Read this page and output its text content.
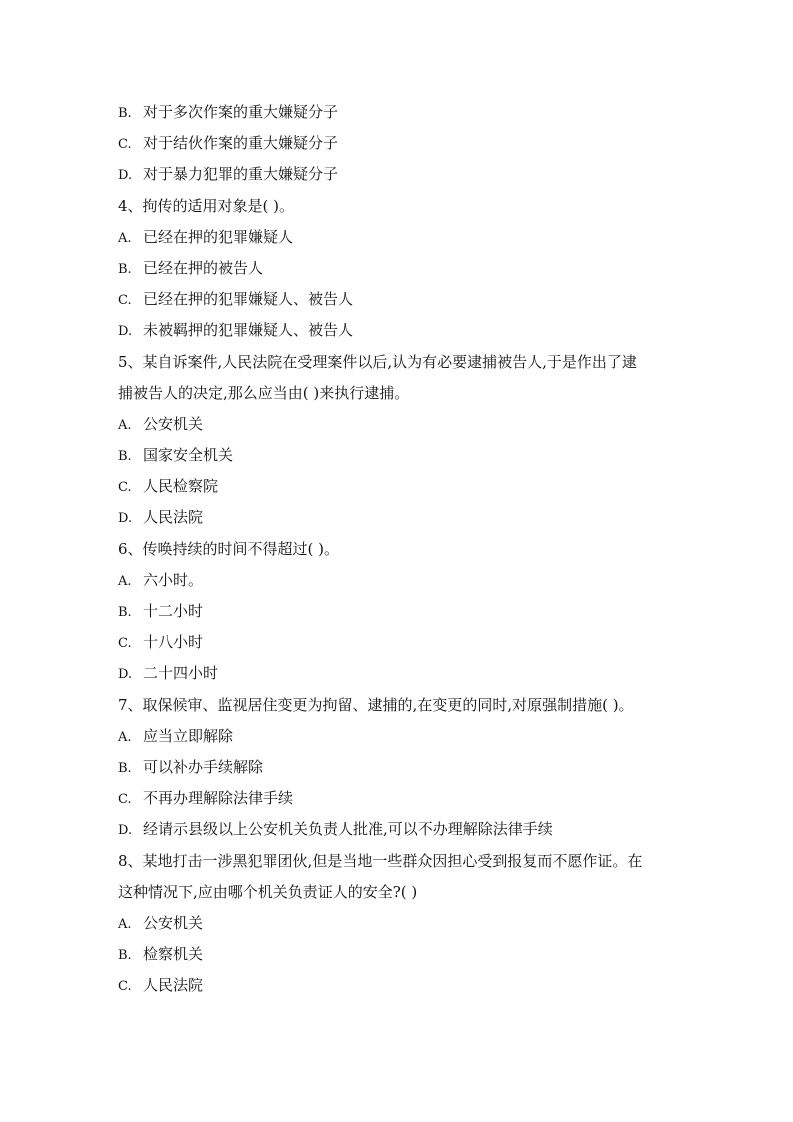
B. 对于多次作案的重大嫌疑分子
C. 对于结伙作案的重大嫌疑分子
D. 对于暴力犯罪的重大嫌疑分子
4、拘传的适用对象是( )。
A. 已经在押的犯罪嫌疑人
B. 已经在押的被告人
C. 已经在押的犯罪嫌疑人、被告人
D. 未被羁押的犯罪嫌疑人、被告人
5、某自诉案件,人民法院在受理案件以后,认为有必要逮捕被告人,于是作出了逮
捕被告人的决定,那么应当由( )来执行逮捕。
A. 公安机关
B. 国家安全机关
C. 人民检察院
D. 人民法院
6、传唤持续的时间不得超过( )。
A. 六小时。
B. 十二小时
C. 十八小时
D. 二十四小时
7、取保候审、监视居住变更为拘留、逮捕的,在变更的同时,对原强制措施( )。
A. 应当立即解除
B. 可以补办手续解除
C. 不再办理解除法律手续
D. 经请示县级以上公安机关负责人批准,可以不办理解除法律手续
8、某地打击一涉黑犯罪团伙,但是当地一些群众因担心受到报复而不愿作证。在
这种情况下,应由哪个机关负责证人的安全?( )
A. 公安机关
B. 检察机关
C. 人民法院
